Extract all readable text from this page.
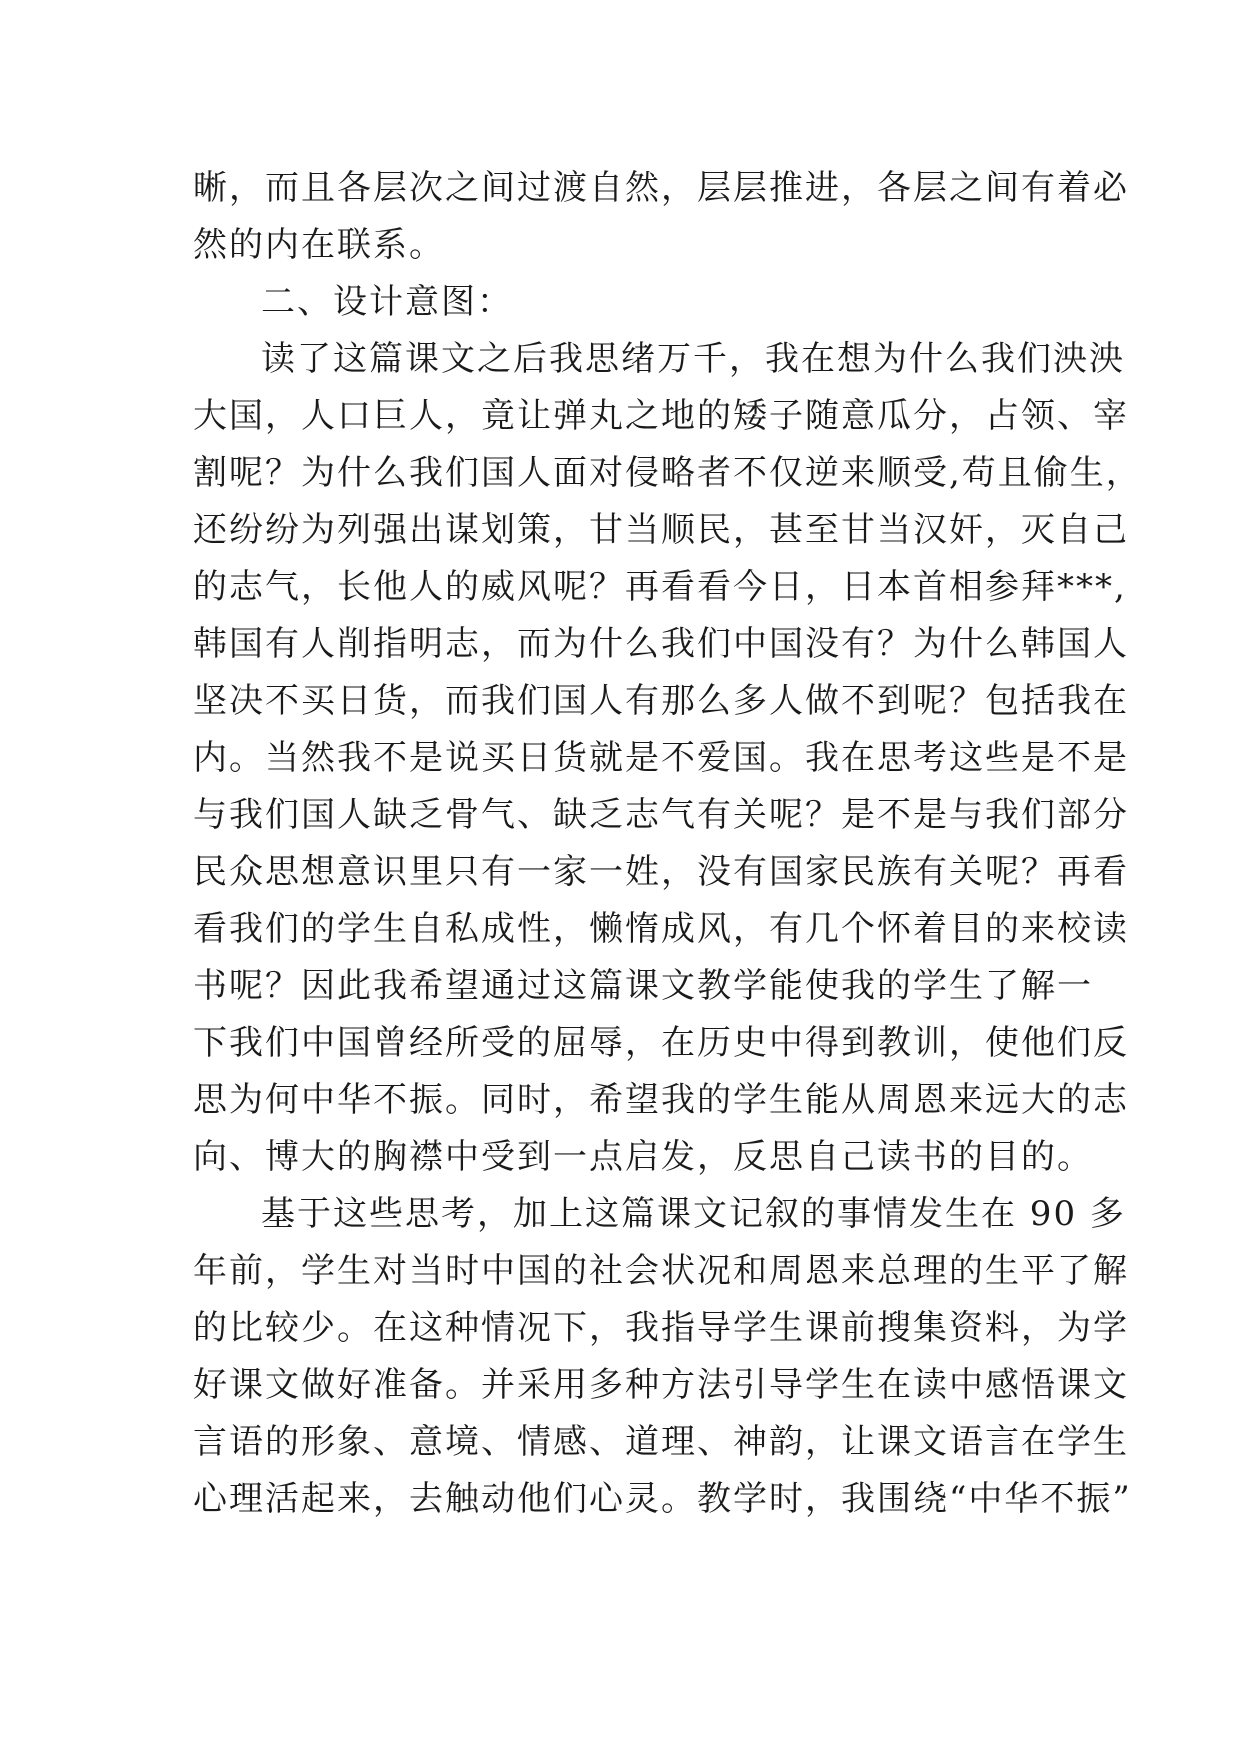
晰，而且各层次之间过渡自然，层层推进，各层之间有着必
然的内在联系。
二、设计意图：
读了这篇课文之后我思绪万千，我在想为什么我们泱泱
大国，人口巨人，竟让弹丸之地的矮子随意瓜分，占领、宰
割呢？为什么我们国人面对侵略者不仅逆来顺受,苟且偷生，
还纷纷为列强出谋划策，甘当顺民，甚至甘当汉奸，灭自己
的志气，长他人的威风呢？再看看今日，日本首相参拜***,
韩国有人削指明志，而为什么我们中国没有？为什么韩国人
坚决不买日货，而我们国人有那么多人做不到呢？包括我在
内。当然我不是说买日货就是不爱国。我在思考这些是不是
与我们国人缺乏骨气、缺乏志气有关呢？是不是与我们部分
民众思想意识里只有一家一姓，没有国家民族有关呢？再看
看我们的学生自私成性，懒惰成风，有几个怀着目的来校读
书呢？因此我希望通过这篇课文教学能使我的学生了解一
下我们中国曾经所受的屈辱，在历史中得到教训，使他们反
思为何中华不振。同时，希望我的学生能从周恩来远大的志
向、博大的胸襟中受到一点启发，反思自己读书的目的。
基于这些思考，加上这篇课文记叙的事情发生在 90 多
年前，学生对当时中国的社会状况和周恩来总理的生平了解
的比较少。在这种情况下，我指导学生课前搜集资料，为学
好课文做好准备。并采用多种方法引导学生在读中感悟课文
言语的形象、意境、情感、道理、神韵，让课文语言在学生
心理活起来，去触动他们心灵。教学时，我围绕“中华不振”
